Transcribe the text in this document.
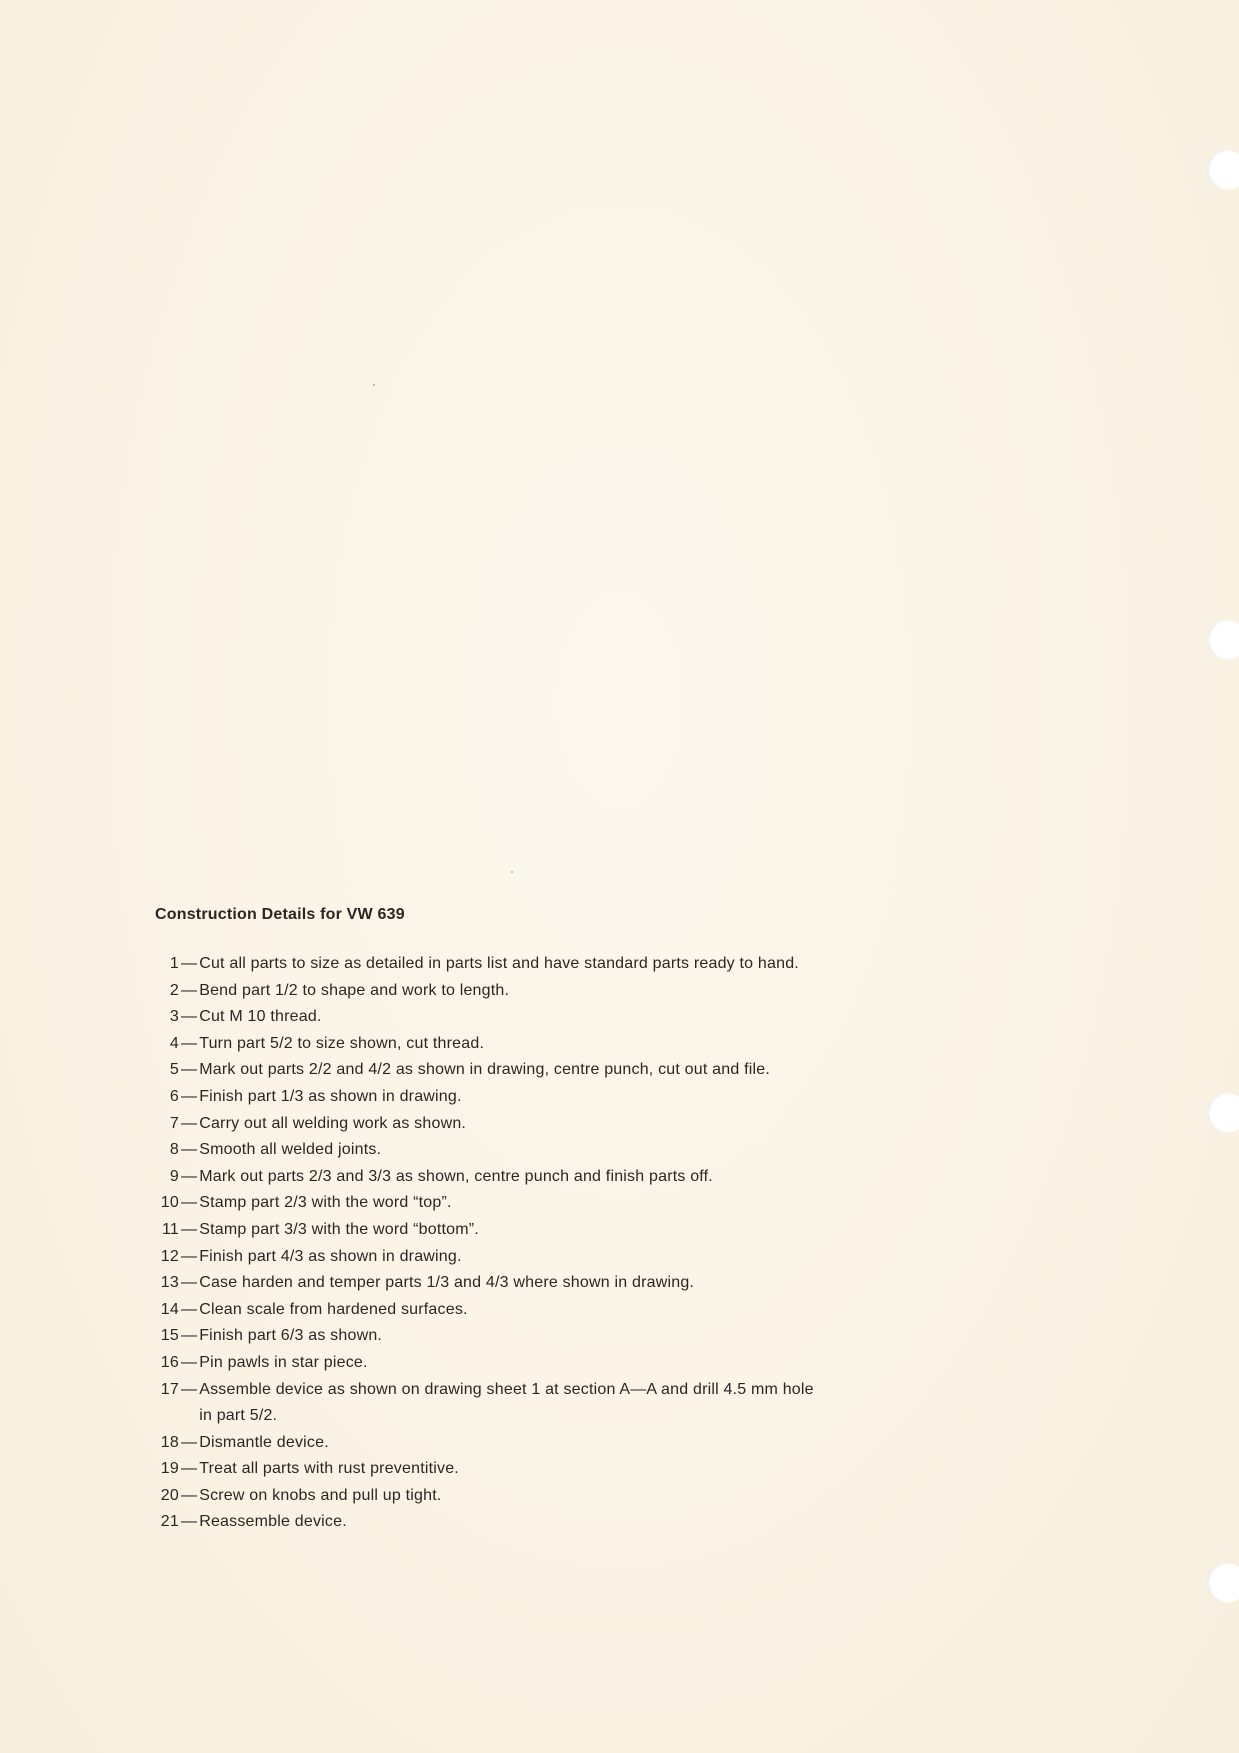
Construction Details for VW 639
1 — Cut all parts to size as detailed in parts list and have standard parts ready to hand.
2 — Bend part 1/2 to shape and work to length.
3 — Cut M 10 thread.
4 — Turn part 5/2 to size shown, cut thread.
5 — Mark out parts 2/2 and 4/2 as shown in drawing, centre punch, cut out and file.
6 — Finish part 1/3 as shown in drawing.
7 — Carry out all welding work as shown.
8 — Smooth all welded joints.
9 — Mark out parts 2/3 and 3/3 as shown, centre punch and finish parts off.
10 — Stamp part 2/3 with the word “top”.
11 — Stamp part 3/3 with the word “bottom”.
12 — Finish part 4/3 as shown in drawing.
13 — Case harden and temper parts 1/3 and 4/3 where shown in drawing.
14 — Clean scale from hardened surfaces.
15 — Finish part 6/3 as shown.
16 — Pin pawls in star piece.
17 — Assemble device as shown on drawing sheet 1 at section A—A and drill 4.5 mm hole
in part 5/2.
18 — Dismantle device.
19 — Treat all parts with rust preventitive.
20 — Screw on knobs and pull up tight.
21 — Reassemble device.
